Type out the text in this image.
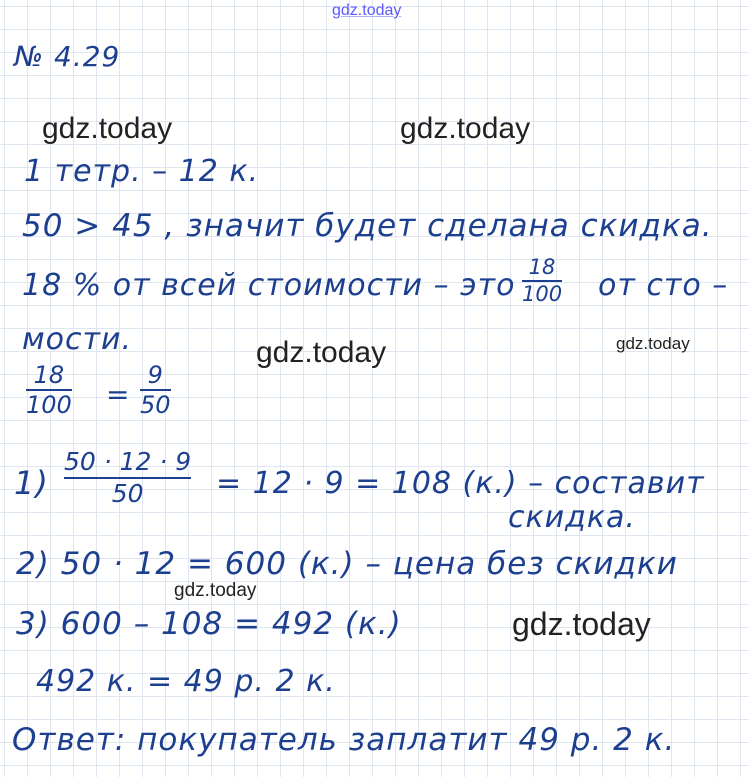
gdz.today
gdz.today	gdz.today
gdz.today	gdz.today
gdz.today
gdz.today
№ 4.29
1 тетр. – 12 к.
50 > 45 , значит будет сделана скидка.
18 % от всей стоимости – это
18
100 от сто –
мости.
18
100 =
9
50
1)
50 · 12 · 9
50 = 12 · 9 = 108 (к.) – составит
скидка.
2) 50 · 12 = 600 (к.) – цена без скидки
3) 600 – 108 = 492 (к.)
492 к. = 49 р. 2 к.
Ответ: покупатель заплатит 49 р. 2 к.
